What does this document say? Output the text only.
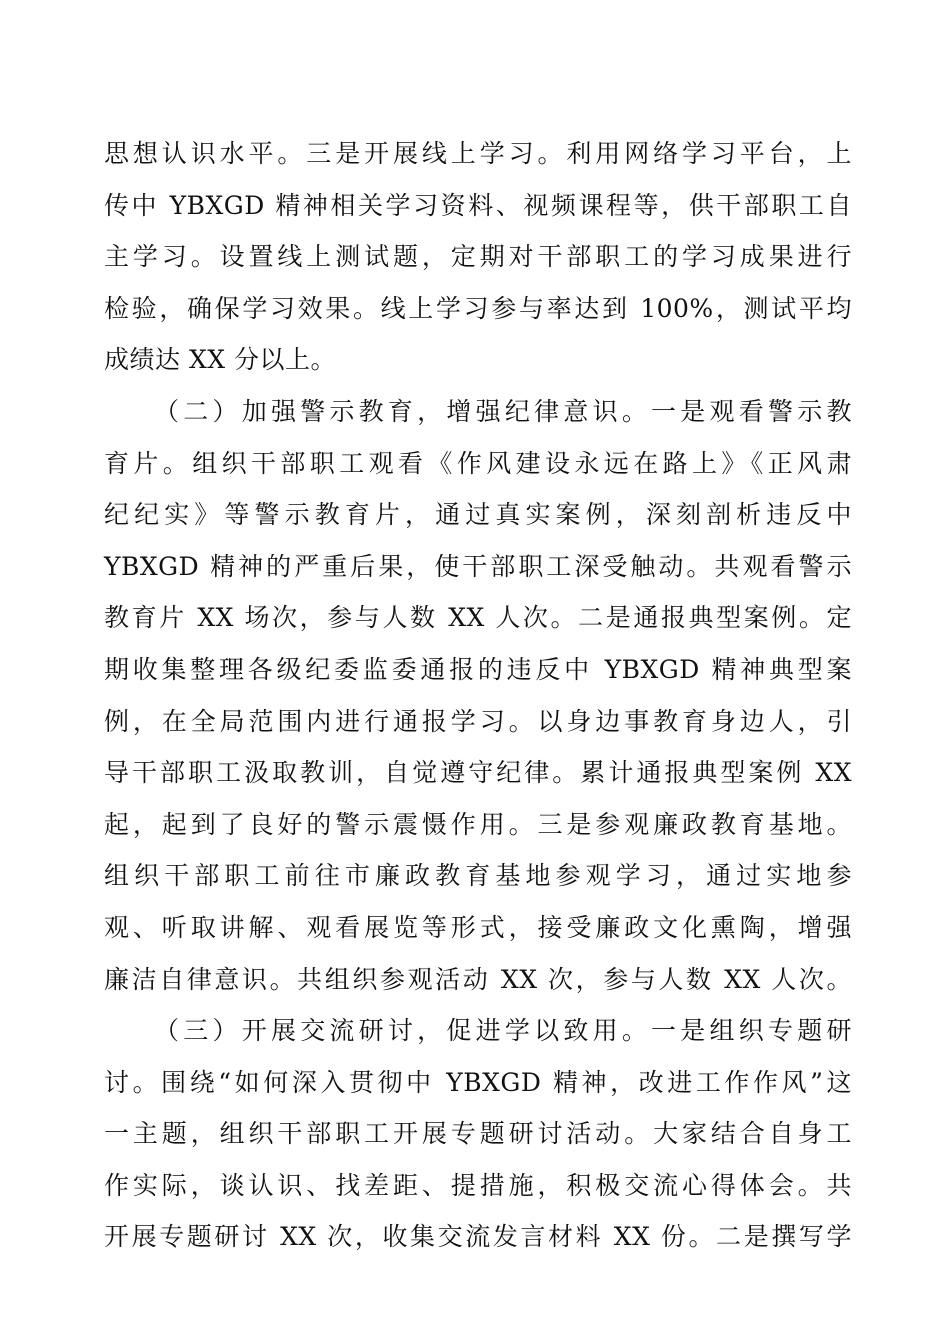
思想认识水平。三是开展线上学习。利用网络学习平台，上
传中 YBXGD 精神相关学习资料、视频课程等，供干部职工自
主学习。设置线上测试题，定期对干部职工的学习成果进行
检验，确保学习效果。线上学习参与率达到 100%，测试平均
成绩达 XX 分以上。
（二）加强警示教育，增强纪律意识。一是观看警示教
育片。组织干部职工观看《作风建设永远在路上》《正风肃
纪纪实》等警示教育片，通过真实案例，深刻剖析违反中
YBXGD 精神的严重后果，使干部职工深受触动。共观看警示
教育片 XX 场次，参与人数 XX 人次。二是通报典型案例。定
期收集整理各级纪委监委通报的违反中 YBXGD 精神典型案
例，在全局范围内进行通报学习。以身边事教育身边人，引
导干部职工汲取教训，自觉遵守纪律。累计通报典型案例 XX
起，起到了良好的警示震慑作用。三是参观廉政教育基地。
组织干部职工前往市廉政教育基地参观学习，通过实地参
观、听取讲解、观看展览等形式，接受廉政文化熏陶，增强
廉洁自律意识。共组织参观活动 XX 次，参与人数 XX 人次。
（三）开展交流研讨，促进学以致用。一是组织专题研
讨。围绕“如何深入贯彻中 YBXGD 精神，改进工作作风”这
一主题，组织干部职工开展专题研讨活动。大家结合自身工
作实际，谈认识、找差距、提措施，积极交流心得体会。共
开展专题研讨 XX 次，收集交流发言材料 XX 份。二是撰写学
